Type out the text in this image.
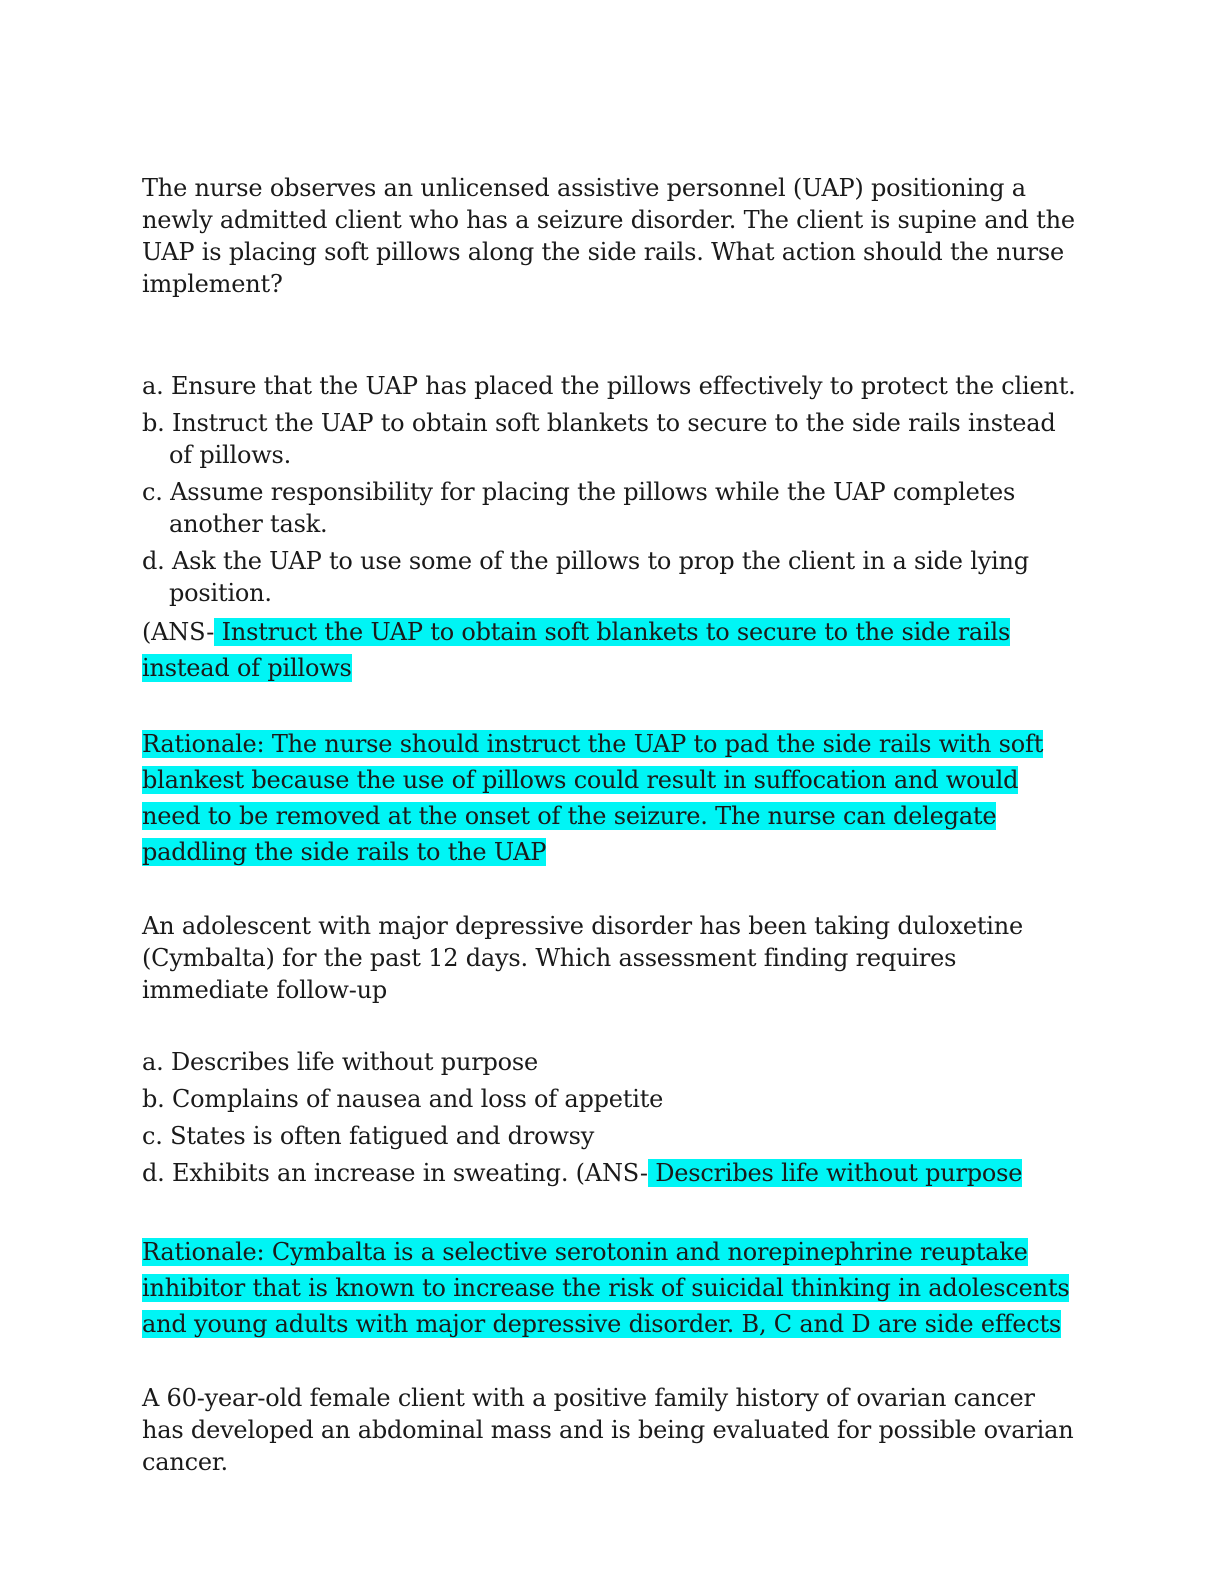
The nurse observes an unlicensed assistive personnel (UAP) positioning a newly admitted client who has a seizure disorder. The client is supine and the UAP is placing soft pillows along the side rails. What action should the nurse implement?

a. Ensure that the UAP has placed the pillows effectively to protect the client.
b. Instruct the UAP to obtain soft blankets to secure to the side rails instead of pillows.
c. Assume responsibility for placing the pillows while the UAP completes another task.
d. Ask the UAP to use some of the pillows to prop the client in a side lying position.

(ANS- Instruct the UAP to obtain soft blankets to secure to the side rails instead of pillows

Rationale: The nurse should instruct the UAP to pad the side rails with soft blankest because the use of pillows could result in suffocation and would need to be removed at the onset of the seizure. The nurse can delegate paddling the side rails to the UAP

An adolescent with major depressive disorder has been taking duloxetine (Cymbalta) for the past 12 days. Which assessment finding requires immediate follow-up

a. Describes life without purpose
b. Complains of nausea and loss of appetite
c. States is often fatigued and drowsy
d. Exhibits an increase in sweating. (ANS- Describes life without purpose

Rationale: Cymbalta is a selective serotonin and norepinephrine reuptake inhibitor that is known to increase the risk of suicidal thinking in adolescents and young adults with major depressive disorder. B, C and D are side effects

A 60-year-old female client with a positive family history of ovarian cancer has developed an abdominal mass and is being evaluated for possible ovarian cancer.
